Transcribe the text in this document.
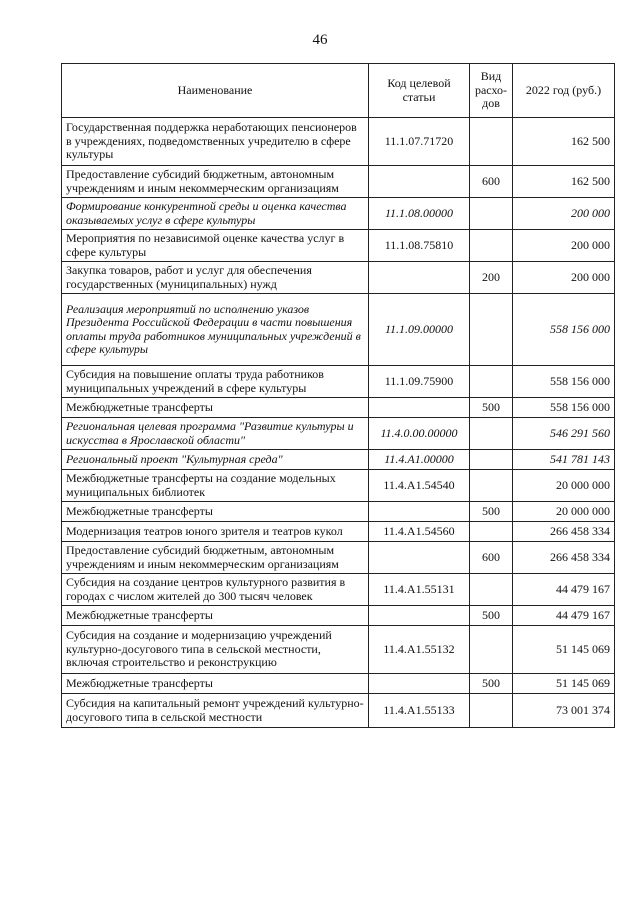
46
Наименование	Код целевой статьи	Вид расхо-дов	2022 год (руб.)
Государственная поддержка неработающих пенсионеров в учреждениях, подведомственных учредителю в сфере культуры	11.1.07.71720		162 500
Предоставление субсидий бюджетным, автономным учреждениям и иным некоммерческим организациям		600	162 500
Формирование конкурентной среды и оценка качества оказываемых услуг в сфере культуры	11.1.08.00000		200 000
Мероприятия по независимой оценке качества услуг в сфере культуры	11.1.08.75810		200 000
Закупка товаров, работ и услуг для обеспечения государственных (муниципальных) нужд		200	200 000
Реализация мероприятий по исполнению указов Президента Российской Федерации в части повышения оплаты труда работников муниципальных учреждений в сфере культуры	11.1.09.00000		558 156 000
Субсидия на повышение оплаты труда работников муниципальных учреждений в сфере культуры	11.1.09.75900		558 156 000
Межбюджетные трансферты		500	558 156 000
Региональная целевая программа "Развитие культуры и искусства в Ярославской области"	11.4.0.00.00000		546 291 560
Региональный проект "Культурная среда"	11.4.А1.00000		541 781 143
Межбюджетные трансферты на создание модельных муниципальных библиотек	11.4.А1.54540		20 000 000
Межбюджетные трансферты		500	20 000 000
Модернизация театров юного зрителя и театров кукол	11.4.А1.54560		266 458 334
Предоставление субсидий бюджетным, автономным учреждениям и иным некоммерческим организациям		600	266 458 334
Субсидия на создание центров культурного развития в городах с числом жителей до 300 тысяч человек	11.4.А1.55131		44 479 167
Межбюджетные трансферты		500	44 479 167
Субсидия на создание и модернизацию учреждений культурно-досугового типа в сельской местности, включая строительство и реконструкцию	11.4.А1.55132		51 145 069
Межбюджетные трансферты		500	51 145 069
Субсидия на капитальный ремонт учреждений культурно-досугового типа в сельской местности	11.4.А1.55133		73 001 374
